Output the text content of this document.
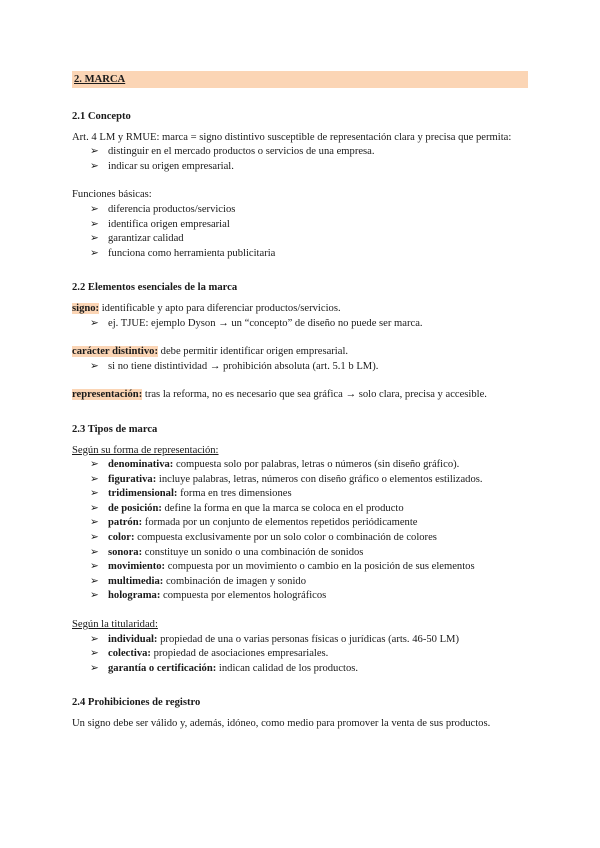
2. MARCA
2.1 Concepto

Art. 4 LM y RMUE: marca = signo distintivo susceptible de representación clara y precisa que permita:

➢ distinguir en el mercado productos o servicios de una empresa.
➢ indicar su origen empresarial.

Funciones básicas:

➢ diferencia productos/servicios
➢ identifica origen empresarial
➢ garantizar calidad
➢ funciona como herramienta publicitaria
2.2 Elementos esenciales de la marca

signo: identificable y apto para diferenciar productos/servicios.

➢ ej. TJUE: ejemplo Dyson → un “concepto” de diseño no puede ser marca.

carácter distintivo: debe permitir identificar origen empresarial.

➢ si no tiene distintividad → prohibición absoluta (art. 5.1 b LM).

representación: tras la reforma, no es necesario que sea gráfica → solo clara, precisa y accesible.

2.3 Tipos de marca

Según su forma de representación:

➢ denominativa: compuesta solo por palabras, letras o números (sin diseño gráfico).
➢ figurativa: incluye palabras, letras, números con diseño gráfico o elementos estilizados.
➢ tridimensional: forma en tres dimensiones
➢ de posición: define la forma en que la marca se coloca en el producto
➢ patrón: formada por un conjunto de elementos repetidos periódicamente
➢ color: compuesta exclusivamente por un solo color o combinación de colores
➢ sonora: constituye un sonido o una combinación de sonidos
➢ movimiento: compuesta por un movimiento o cambio en la posición de sus elementos
➢ multimedia: combinación de imagen y sonido
➢ holograma: compuesta por elementos holográficos

Según la titularidad:

➢ individual: propiedad de una o varias personas físicas o jurídicas (arts. 46-50 LM)
➢ colectiva: propiedad de asociaciones empresariales.
➢ garantía o certificación: indican calidad de los productos.
2.4 Prohibiciones de registro

Un signo debe ser válido y, además, idóneo, como medio para promover la venta de sus productos.
